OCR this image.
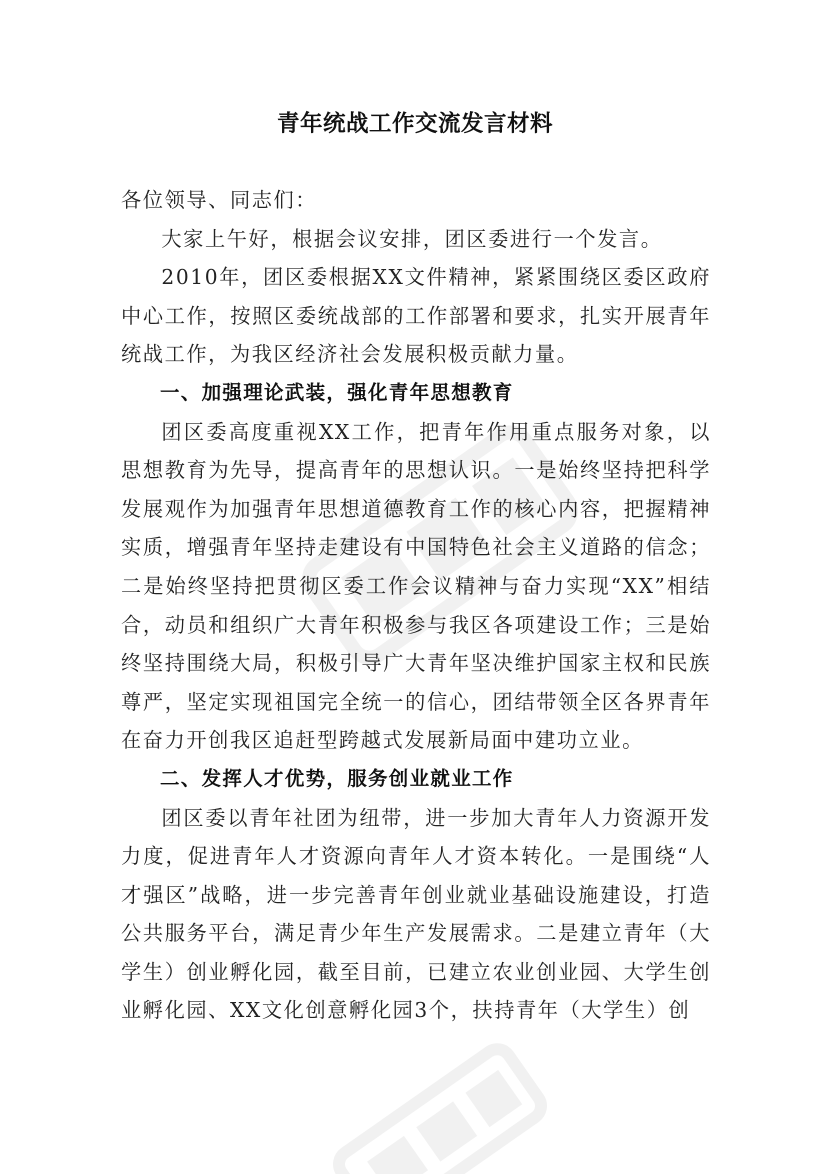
青年统战工作交流发言材料

各位领导、同志们：

大家上午好，根据会议安排，团区委进行一个发言。

2010年，团区委根据XX文件精神，紧紧围绕区委区政府中心工作，按照区委统战部的工作部署和要求，扎实开展青年统战工作，为我区经济社会发展积极贡献力量。

一、加强理论武装，强化青年思想教育

团区委高度重视XX工作，把青年作用重点服务对象，以思想教育为先导，提高青年的思想认识。一是始终坚持把科学发展观作为加强青年思想道德教育工作的核心内容，把握精神实质，增强青年坚持走建设有中国特色社会主义道路的信念；二是始终坚持把贯彻区委工作会议精神与奋力实现“XX”相结合，动员和组织广大青年积极参与我区各项建设工作；三是始终坚持围绕大局，积极引导广大青年坚决维护国家主权和民族尊严，坚定实现祖国完全统一的信心，团结带领全区各界青年在奋力开创我区追赶型跨越式发展新局面中建功立业。

二、发挥人才优势，服务创业就业工作

团区委以青年社团为纽带，进一步加大青年人力资源开发力度，促进青年人才资源向青年人才资本转化。一是围绕“人才强区”战略，进一步完善青年创业就业基础设施建设，打造公共服务平台，满足青少年生产发展需求。二是建立青年（大学生）创业孵化园，截至目前，已建立农业创业园、大学生创业孵化园、XX文化创意孵化园3个，扶持青年（大学生）创
